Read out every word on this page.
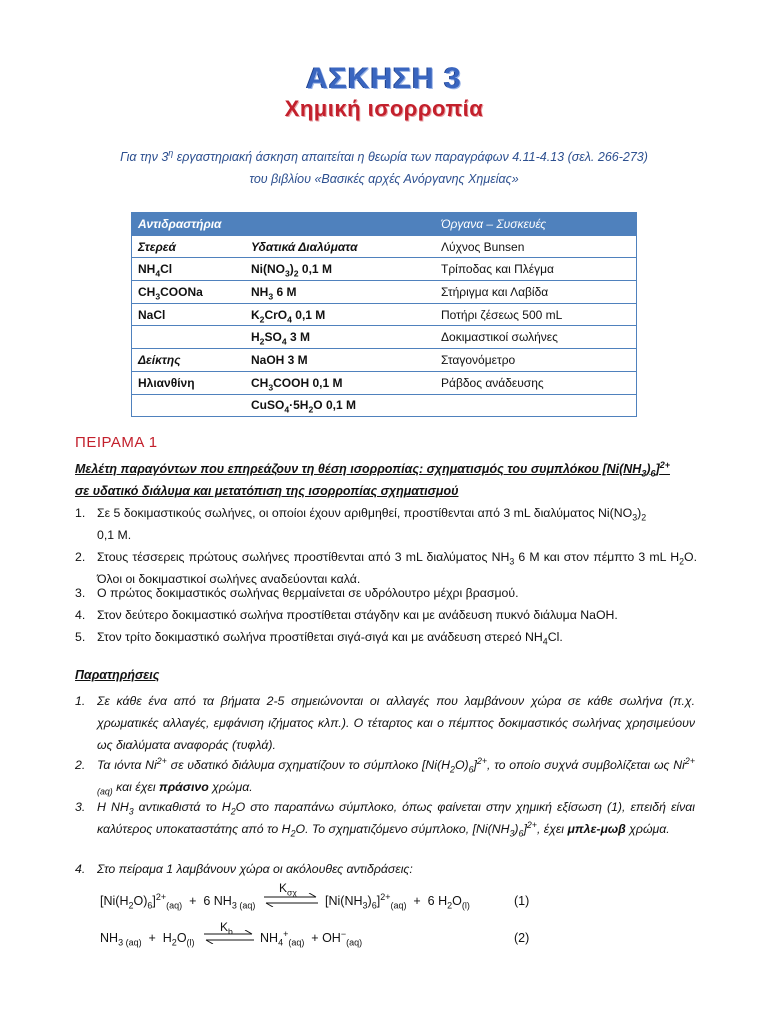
ΑΣΚΗΣΗ 3
Χημική ισορροπία
Για την $3^\eta$ εργαστηριακή άσκηση απαιτείται η θεωρία των παραγράφων 4.11-4.13 (σελ. 266-273)
του βιβλίου «Βασικές αρχές Ανόργανης Χημείας»
Αντιδραστήρια		Όργανα – Συσκευές
Στερεά	Υδατικά Διαλύματα	Λύχνος Bunsen
$NH_4Cl$	$Ni(NO_3)_2$ 0,1 M	Τρίποδας και Πλέγμα
$CH_3COONa$	$NH_3$ 6 M	Στήριγμα και Λαβίδα
NaCl	$K_2CrO_4$ 0,1 M	Ποτήρι ζέσεως 500 mL
	$H_2SO_4$ 3 M	Δοκιμαστικοί σωλήνες
Δείκτης	NaOH 3 M	Σταγονόμετρο
Ηλιανθίνη	$CH_3COOH$ 0,1 M	Ράβδος ανάδευσης
	$CuSO_4\cdot 5H_2O$ 0,1 M	
ΠΕΙΡΑΜΑ 1
Μελέτη παραγόντων που επηρεάζουν τη θέση ισορροπίας: σχηματισμός του συμπλόκου $[Ni(NH_3)_6]^{2+}$
σε υδατικό διάλυμα και μετατόπιση της ισορροπίας σχηματισμού
1. Σε 5 δοκιμαστικούς σωλήνες, οι οποίοι έχουν αριθμηθεί, προστίθενται από 3 mL διαλύματος $Ni(NO_3)_2$
0,1 M.
2. Στους τέσσερεις πρώτους σωλήνες προστίθενται από 3 mL διαλύματος $NH_3$ 6 M και στον πέμπτο 3 mL $H_2O$. Όλοι οι δοκιμαστικοί σωλήνες αναδεύονται καλά.
3. Ο πρώτος δοκιμαστικός σωλήνας θερμαίνεται σε υδρόλουτρο μέχρι βρασμού.
4. Στον δεύτερο δοκιμαστικό σωλήνα προστίθεται στάγδην και με ανάδευση πυκνό διάλυμα NaOH.
5. Στον τρίτο δοκιμαστικό σωλήνα προστίθεται σιγά-σιγά και με ανάδευση στερεό $NH_4Cl$.
Παρατηρήσεις
1. Σε κάθε ένα από τα βήματα 2-5 σημειώνονται οι αλλαγές που λαμβάνουν χώρα σε κάθε σωλήνα (π.χ. χρωματικές αλλαγές, εμφάνιση ιζήματος κλπ.). Ο τέταρτος και ο πέμπτος δοκιμαστικός σωλήνας χρησιμεύουν ως διαλύματα αναφοράς (τυφλά).
2. Τα ιόντα $Ni^{2+}$ σε υδατικό διάλυμα σχηματίζουν το σύμπλοκο $[Ni(H_2O)_6]^{2+}$, το οποίο συχνά συμβολίζεται ως $Ni^{2+}_{(aq)}$ και έχει πράσινο χρώμα.
3. Η $NH_3$ αντικαθιστά το $H_2O$ στο παραπάνω σύμπλοκο, όπως φαίνεται στην χημική εξίσωση (1), επειδή είναι καλύτερος υποκαταστάτης από το $H_2O$. Το σχηματιζόμενο σύμπλοκο, $[Ni(NH_3)_6]^{2+}$, έχει μπλε-μωβ χρώμα.
4. Στο πείραμα 1 λαμβάνουν χώρα οι ακόλουθες αντιδράσεις:
$[Ni(H_2O)_6]^{2+}_{(aq)} + 6$ $NH_{3 (aq)}$
$K_{\sigma\chi}$
⇌ $[Ni(NH_3)_6]^{2+}_{(aq)} + 6$ $H_2O_{(l)}$	(1)
$NH_{3 (aq)} + H_2O_{(l)}$
$K_b$ ⇌ $NH_4^+_{(aq)} + OH^-_{(aq)}$	(2)
